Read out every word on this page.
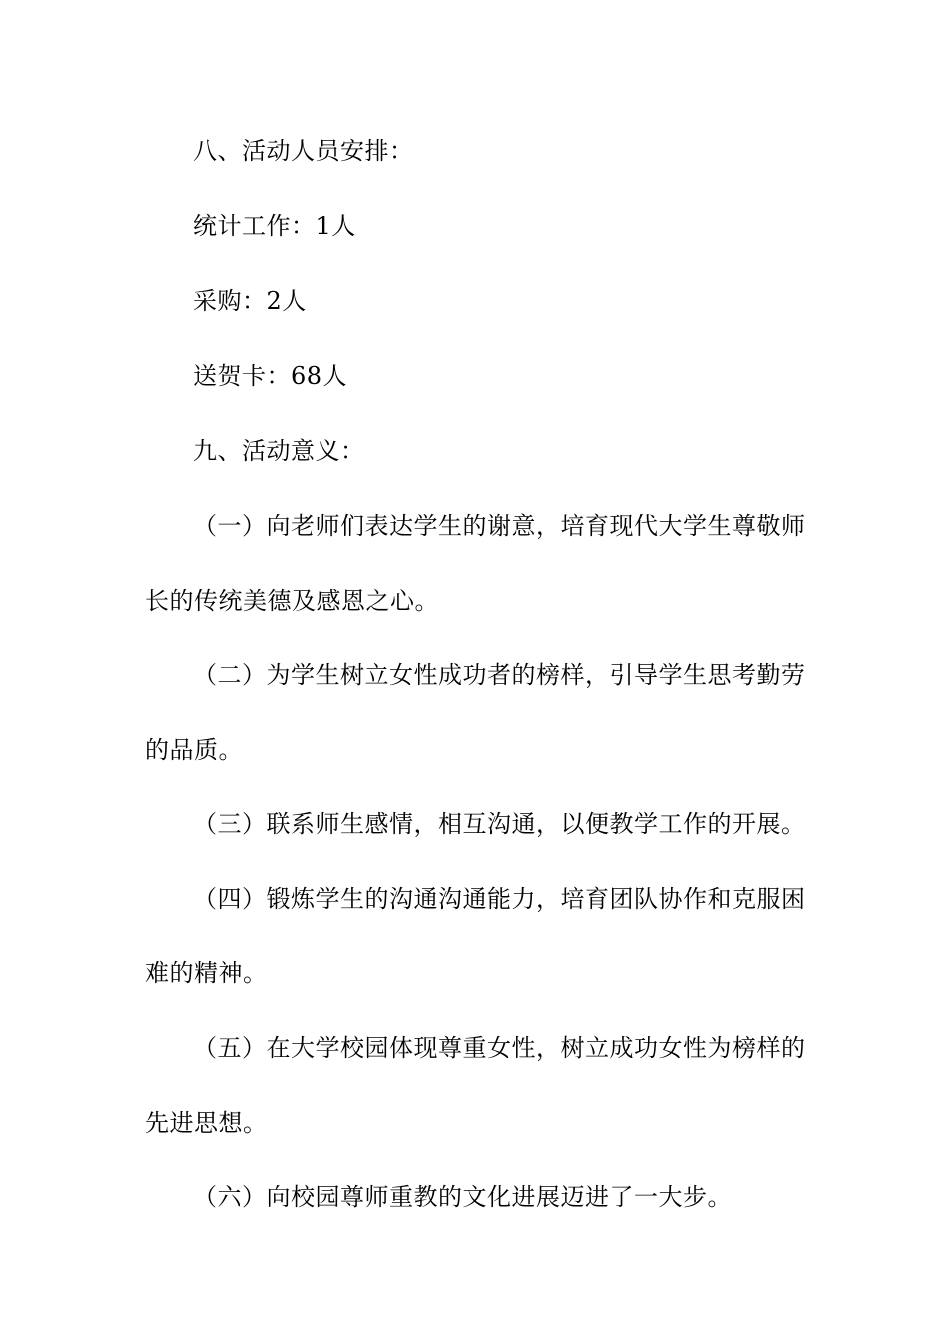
八、活动人员安排：
统计工作：1人
采购：2人
送贺卡：68人
九、活动意义：
（一）向老师们表达学生的谢意，培育现代大学生尊敬师
长的传统美德及感恩之心。
（二）为学生树立女性成功者的榜样，引导学生思考勤劳
的品质。
（三）联系师生感情，相互沟通，以便教学工作的开展。
（四）锻炼学生的沟通沟通能力，培育团队协作和克服困
难的精神。
（五）在大学校园体现尊重女性，树立成功女性为榜样的
先进思想。
（六）向校园尊师重教的文化进展迈进了一大步。
